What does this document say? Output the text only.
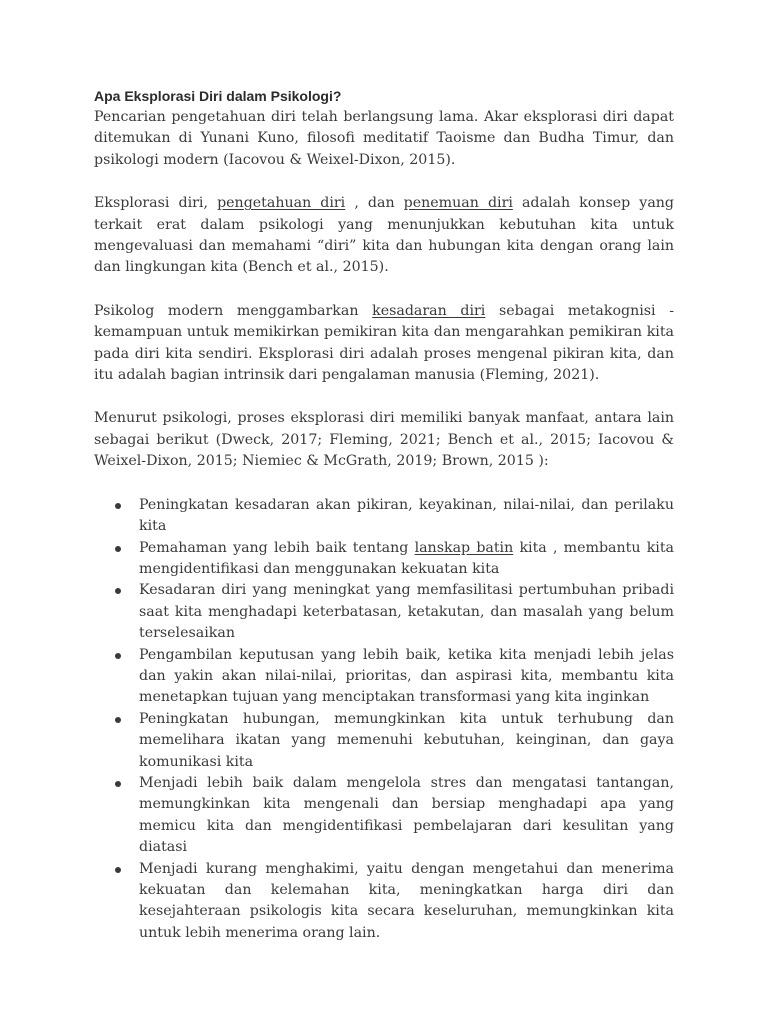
Apa Eksplorasi Diri dalam Psikologi?

Pencarian pengetahuan diri telah berlangsung lama. Akar eksplorasi diri dapat ditemukan di Yunani Kuno, filosofi meditatif Taoisme dan Budha Timur, dan psikologi modern (Iacovou & Weixel-Dixon, 2015).

Eksplorasi diri, pengetahuan diri , dan penemuan diri adalah konsep yang terkait erat dalam psikologi yang menunjukkan kebutuhan kita untuk mengevaluasi dan memahami “diri” kita dan hubungan kita dengan orang lain dan lingkungan kita (Bench et al., 2015).

Psikolog modern menggambarkan kesadaran diri sebagai metakognisi - kemampuan untuk memikirkan pemikiran kita dan mengarahkan pemikiran kita pada diri kita sendiri. Eksplorasi diri adalah proses mengenal pikiran kita, dan itu adalah bagian intrinsik dari pengalaman manusia (Fleming, 2021).

Menurut psikologi, proses eksplorasi diri memiliki banyak manfaat, antara lain sebagai berikut (Dweck, 2017; Fleming, 2021; Bench et al., 2015; Iacovou & Weixel-Dixon, 2015; Niemiec & McGrath, 2019; Brown, 2015 ):

Peningkatan kesadaran akan pikiran, keyakinan, nilai-nilai, dan perilaku kita
Pemahaman yang lebih baik tentang lanskap batin kita , membantu kita mengidentifikasi dan menggunakan kekuatan kita
Kesadaran diri yang meningkat yang memfasilitasi pertumbuhan pribadi saat kita menghadapi keterbatasan, ketakutan, dan masalah yang belum terselesaikan
Pengambilan keputusan yang lebih baik, ketika kita menjadi lebih jelas dan yakin akan nilai-nilai, prioritas, dan aspirasi kita, membantu kita menetapkan tujuan yang menciptakan transformasi yang kita inginkan
Peningkatan hubungan, memungkinkan kita untuk terhubung dan memelihara ikatan yang memenuhi kebutuhan, keinginan, dan gaya komunikasi kita
Menjadi lebih baik dalam mengelola stres dan mengatasi tantangan, memungkinkan kita mengenali dan bersiap menghadapi apa yang memicu kita dan mengidentifikasi pembelajaran dari kesulitan yang diatasi
Menjadi kurang menghakimi, yaitu dengan mengetahui dan menerima kekuatan dan kelemahan kita, meningkatkan harga diri dan kesejahteraan psikologis kita secara keseluruhan, memungkinkan kita untuk lebih menerima orang lain.
